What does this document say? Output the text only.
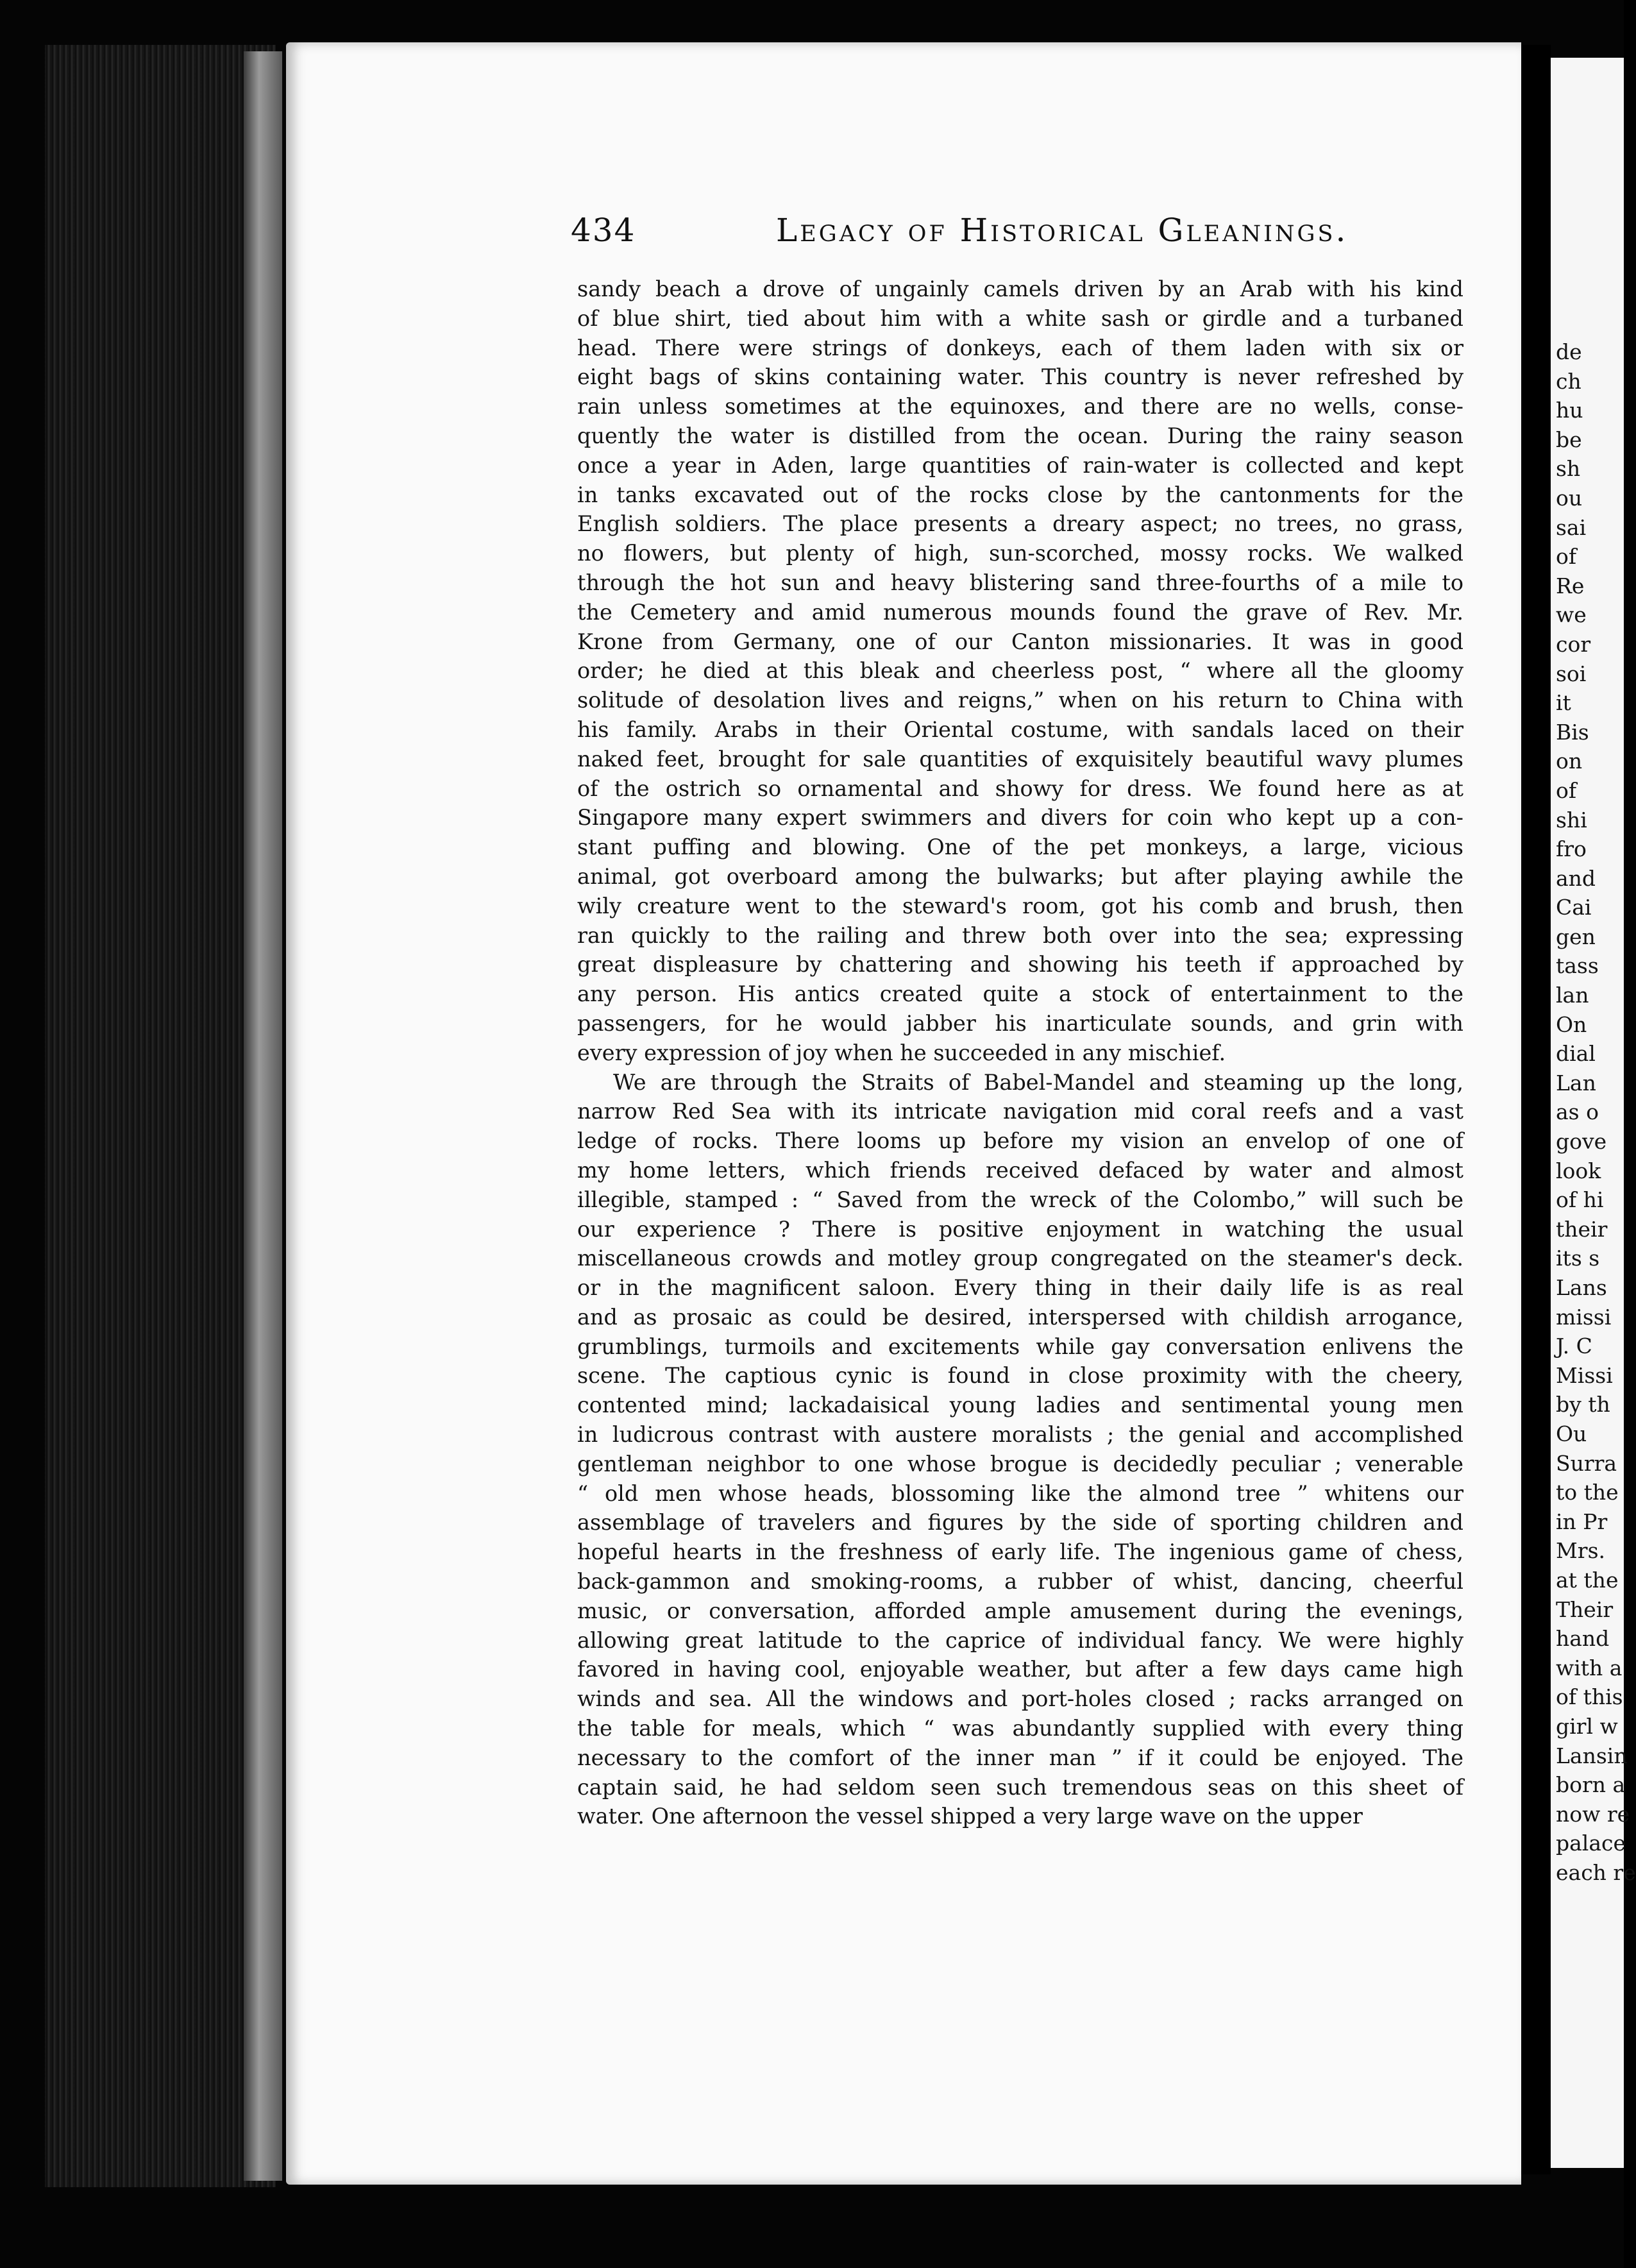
434	Legacy of Historical Gleanings.

sandy beach a drove of ungainly camels driven by an Arab with his kind

of blue shirt, tied about him with a white sash or girdle and a turbaned

head. There were strings of donkeys, each of them laden with six or

eight bags of skins containing water. This country is never refreshed by

rain unless sometimes at the equinoxes, and there are no wells, conse-

quently the water is distilled from the ocean. During the rainy season

once a year in Aden, large quantities of rain-water is collected and kept

in tanks excavated out of the rocks close by the cantonments for the

English soldiers. The place presents a dreary aspect; no trees, no grass,

no flowers, but plenty of high, sun-scorched, mossy rocks. We walked

through the hot sun and heavy blistering sand three-fourths of a mile to

the Cemetery and amid numerous mounds found the grave of Rev. Mr.

Krone from Germany, one of our Canton missionaries. It was in good

order; he died at this bleak and cheerless post, “ where all the gloomy

solitude of desolation lives and reigns,” when on his return to China with

his family. Arabs in their Oriental costume, with sandals laced on their

naked feet, brought for sale quantities of exquisitely beautiful wavy plumes

of the ostrich so ornamental and showy for dress. We found here as at

Singapore many expert swimmers and divers for coin who kept up a con-

stant puffing and blowing. One of the pet monkeys, a large, vicious

animal, got overboard among the bulwarks; but after playing awhile the

wily creature went to the steward's room, got his comb and brush, then

ran quickly to the railing and threw both over into the sea; expressing

great displeasure by chattering and showing his teeth if approached by

any person. His antics created quite a stock of entertainment to the

passengers, for he would jabber his inarticulate sounds, and grin with

every expression of joy when he succeeded in any mischief.

We are through the Straits of Babel-Mandel and steaming up the long,

narrow Red Sea with its intricate navigation mid coral reefs and a vast

ledge of rocks. There looms up before my vision an envelop of one of

my home letters, which friends received defaced by water and almost

illegible, stamped : “ Saved from the wreck of the Colombo,” will such be

our experience ? There is positive enjoyment in watching the usual

miscellaneous crowds and motley group congregated on the steamer's deck.

or in the magnificent saloon. Every thing in their daily life is as real

and as prosaic as could be desired, interspersed with childish arrogance,

grumblings, turmoils and excitements while gay conversation enlivens the

scene. The captious cynic is found in close proximity with the cheery,

contented mind; lackadaisical young ladies and sentimental young men

in ludicrous contrast with austere moralists ; the genial and accomplished

gentleman neighbor to one whose brogue is decidedly peculiar ; venerable

“ old men whose heads, blossoming like the almond tree ” whitens our

assemblage of travelers and figures by the side of sporting children and

hopeful hearts in the freshness of early life. The ingenious game of chess,

back-gammon and smoking-rooms, a rubber of whist, dancing, cheerful

music, or conversation, afforded ample amusement during the evenings,

allowing great latitude to the caprice of individual fancy. We were highly

favored in having cool, enjoyable weather, but after a few days came high

winds and sea. All the windows and port-holes closed ; racks arranged on

the table for meals, which “ was abundantly supplied with every thing

necessary to the comfort of the inner man ” if it could be enjoyed. The

captain said, he had seldom seen such tremendous seas on this sheet of

water. One afternoon the vessel shipped a very large wave on the upper

de
ch
hu
be
sh
ou
sai
of
Re
we
cor
soi
it
Bis
on
of
shi
fro
and
Cai
gen
tass
lan
On
dial
Lan
as o
gove
look
of hi
their
its s
Lans
missi
J. C
Missi
by th
Ou
Surra
to the
in Pr
Mrs.
at the
Their
hand
with a
of this
girl w
Lansin
born a
now re
palace
each re
